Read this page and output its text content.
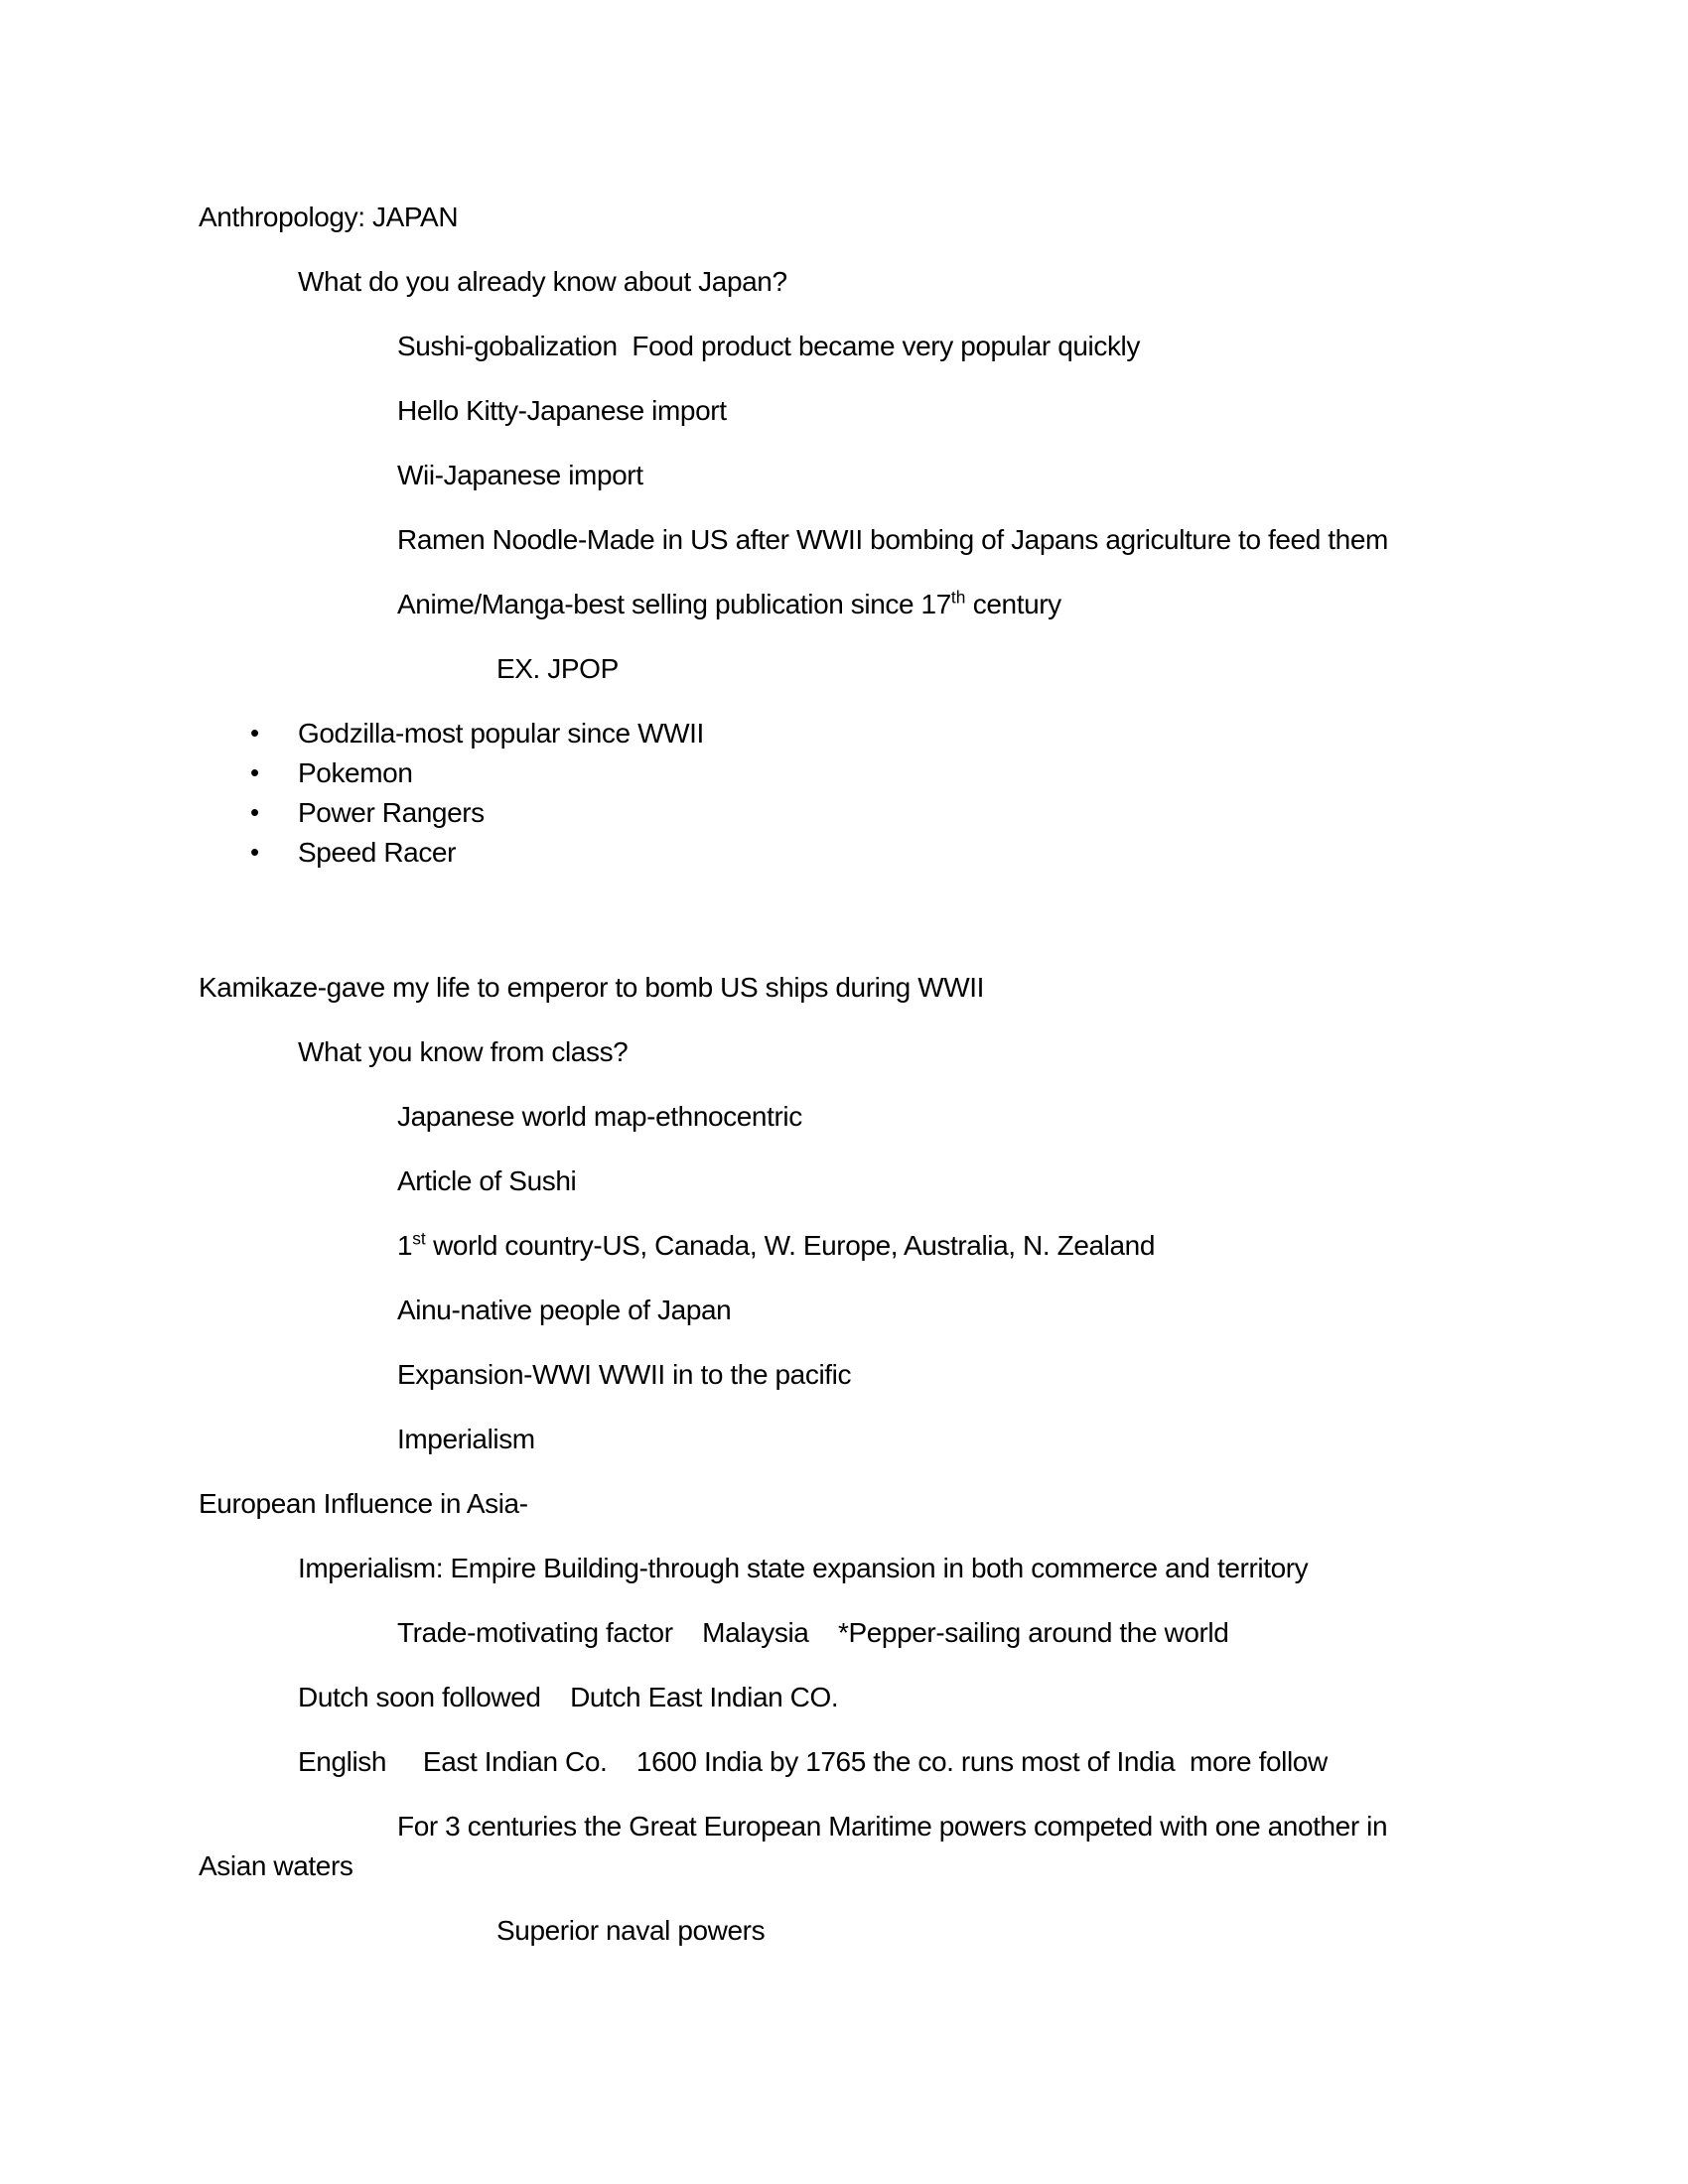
Anthropology: JAPAN
What do you already know about Japan?
Sushi-gobalization  Food product became very popular quickly
Hello Kitty-Japanese import
Wii-Japanese import
Ramen Noodle-Made in US after WWII bombing of Japans agriculture to feed them
Anime/Manga-best selling publication since 17th century
EX. JPOP
• Godzilla-most popular since WWII
• Pokemon
• Power Rangers
• Speed Racer
Kamikaze-gave my life to emperor to bomb US ships during WWII
What you know from class?
Japanese world map-ethnocentric
Article of Sushi
1st world country-US, Canada, W. Europe, Australia, N. Zealand
Ainu-native people of Japan
Expansion-WWI WWII in to the pacific
Imperialism
European Influence in Asia-
Imperialism: Empire Building-through state expansion in both commerce and territory
Trade-motivating factor    Malaysia    *Pepper-sailing around the world
Dutch soon followed    Dutch East Indian CO.
English     East Indian Co.    1600 India by 1765 the co. runs most of India  more follow
For 3 centuries the Great European Maritime powers competed with one another in
Asian waters
Superior naval powers
